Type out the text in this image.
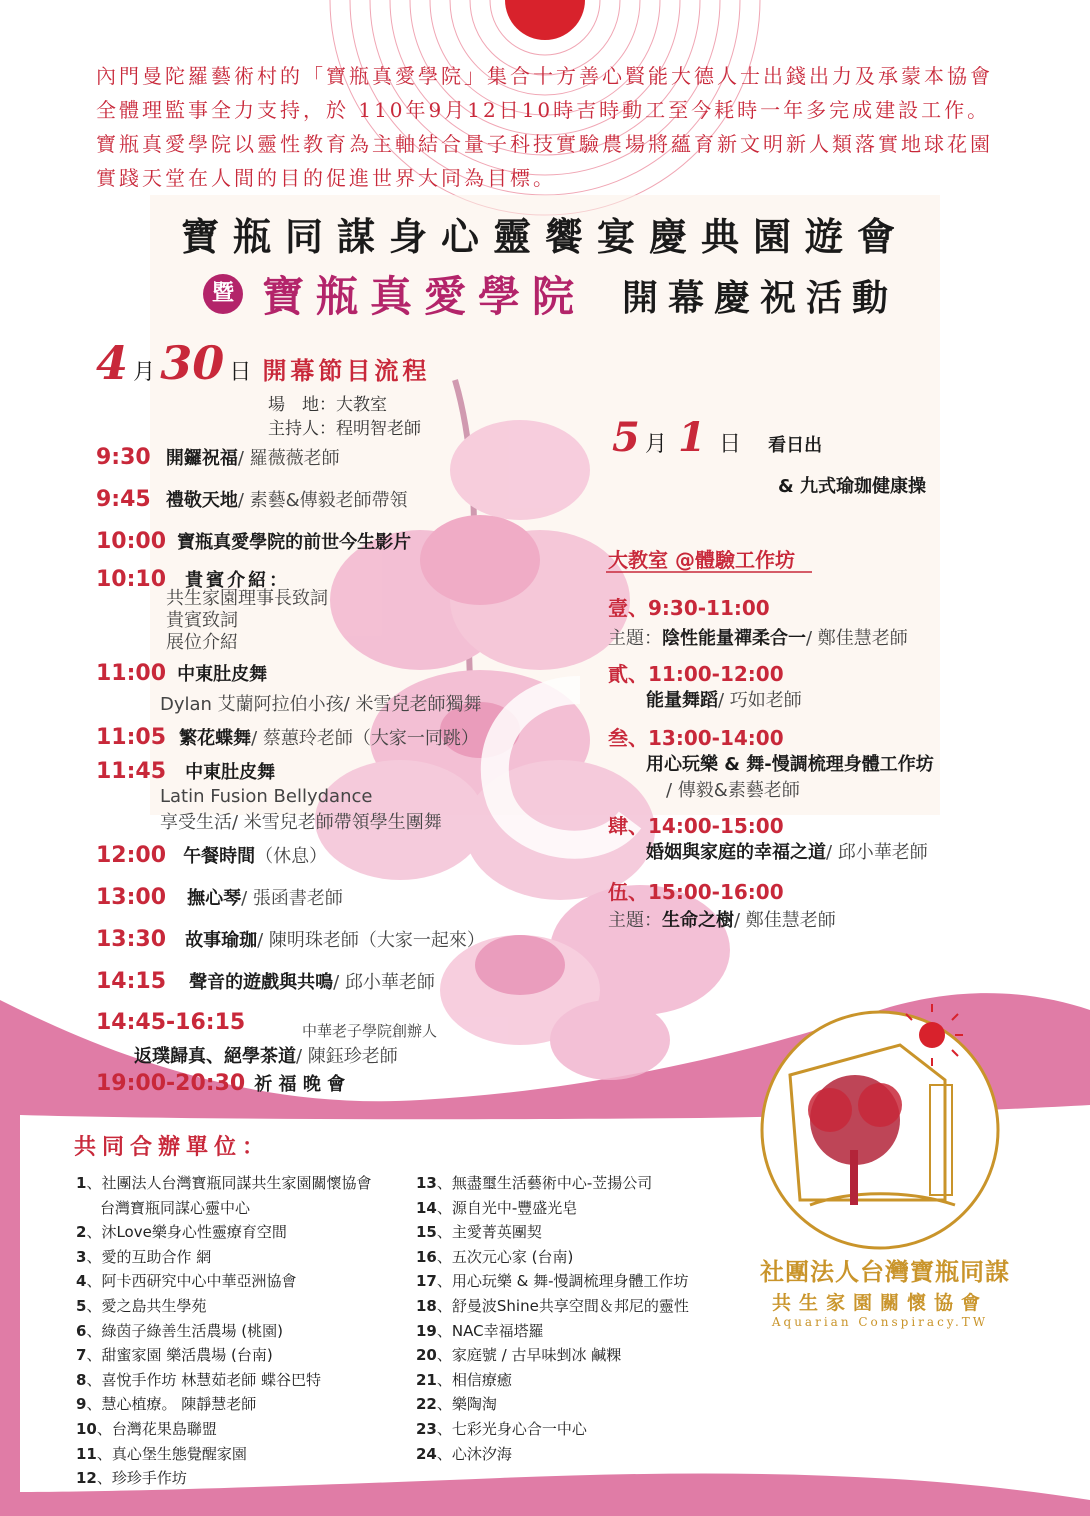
內門曼陀羅藝術村的「寶瓶真愛學院」集合十方善心賢能大德人士出錢出力及承蒙本協會
全體理監事全力支持，於 110年9月12日10時吉時動工至今耗時一年多完成建設工作。
寶瓶真愛學院以靈性教育為主軸結合量子科技實驗農場將蘊育新文明新人類落實地球花園
實踐天堂在人間的目的促進世界大同為目標。
寶瓶同謀身心靈饗宴慶典園遊會
暨 寶瓶真愛學院 開幕慶祝活動
4 月 30 日 開幕節目流程
場　地：大教室
主持人：程明智老師
9:30 開鑼祝福/ 羅薇薇老師
9:45 禮敬天地/ 素藝&傳毅老師帶領
10:00 寶瓶真愛學院的前世今生影片
10:10 貴賓介紹：
共生家園理事長致詞
貴賓致詞
展位介紹
11:00 中東肚皮舞
Dylan 艾蘭阿拉伯小孩/ 米雪兒老師獨舞
11:05 繁花蝶舞/ 蔡蕙玲老師（大家一同跳）
11:45 中東肚皮舞
Latin Fusion Bellydance
享受生活/ 米雪兒老師帶領學生團舞
12:00 午餐時間（休息）
13:00 撫心琴/ 張函書老師
13:30 故事瑜珈/ 陳明珠老師（大家一起來）
14:15 聲音的遊戲與共鳴/ 邱小華老師
14:45-16:15	中華老子學院創辦人
返璞歸真、絕學茶道/ 陳鈺珍老師
19:00-20:30 祈 福 晚 會
5 月 1 日 看日出
& 九式瑜珈健康操
大教室 @體驗工作坊
壹、9:30-11:00
主題：陰性能量禪柔合一/ 鄭佳慧老師
貳、11:00-12:00
能量舞蹈/ 巧如老師
叁、13:00-14:00
用心玩樂 & 舞-慢調梳理身體工作坊
/ 傳毅&素藝老師
肆、14:00-15:00
婚姻與家庭的幸福之道/ 邱小華老師
伍、15:00-16:00
主題：生命之樹/ 鄭佳慧老師
共同合辦單位：
1、社團法人台灣寶瓶同謀共生家園關懷協會
台灣寶瓶同謀心靈中心
2、沐Love樂身心性靈療育空間
3、愛的互助合作 網
4、阿卡西研究中心中華亞洲協會
5、愛之島共生學苑
6、綠茵子綠善生活農場 (桃園)
7、甜蜜家園 樂活農場 (台南)
8、喜悅手作坊 林慧茹老師 蝶谷巴特
9、慧心植療。 陳靜慧老師
10、台灣花果島聯盟
11、真心堡生態覺醒家園
12、珍珍手作坊
13、無盡璽生活藝術中心-苙揚公司
14、源自光中-豐盛光皂
15、主愛菁英團契
16、五次元心家 (台南)
17、用心玩樂 & 舞-慢調梳理身體工作坊
18、舒曼波Shine共享空間＆邦尼的靈性
19、NAC幸福塔羅
20、家庭號 / 古早味剉冰 鹹粿
21、相信療癒
22、樂陶淘
23、七彩光身心合一中心
24、心沐汐海
社團法人台灣寶瓶同謀
共生家園關懷協會
Aquarian Conspiracy.TW
